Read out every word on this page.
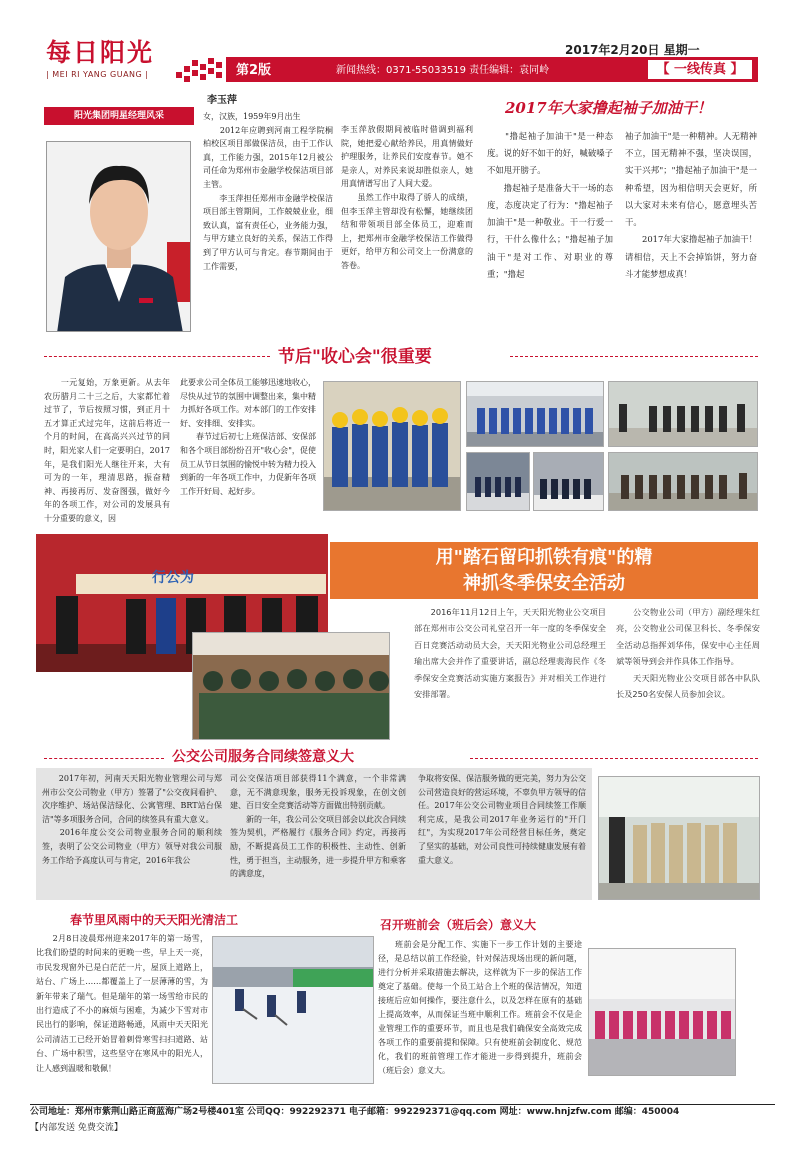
每日阳光
| MEI RI YANG GUANG |
2017年2月20日 星期一
第2版	新闻热线：0371-55033519 责任编辑：袁同岭	【 一线传真 】
阳光集团明星经理风采
李玉萍
女，汉族，1959年9月出生
　　2012年应聘到河南工程学院桐柏校区项目部做保洁员，由于工作认真，工作能力强，2015年12月被公司任命为郑州市金融学校保洁项目部主管。
　　李玉萍担任郑州市金融学校保洁项目部主管期间，工作兢兢业业，细致认真，富有责任心，业务能力强，与甲方建立良好的关系，保洁工作得到了甲方认可与肯定。春节期间由于工作需要，
李玉萍放假期间被临时借调到福利院，她把爱心献给养民，用真情做好护理服务，让养民们安度春节。她不是亲人，对养民来说却胜似亲人，她用真情谱写出了人间大爱。
　　虽然工作中取得了骄人的成绩，但李玉萍主管却没有松懈，她继续团结和带领项目部全体员工，迎难而上，把郑州市金融学校保洁工作做得更好，给甲方和公司交上一份满意的答卷。
2017年大家撸起袖子加油干！
　　"撸起袖子加油干"是一种态度。说的好不如干的好，喊破嗓子不如甩开膀子。
　　撸起袖子是准备大干一场的态度，态度决定了行为："撸起袖子加油干"是一种敬业。干一行爱一行，干什么像什么；"撸起袖子加油干"是对工作、对职业的尊重；"撸起
袖子加油干"是一种精神。人无精神不立，国无精神不强，坚决误国，实干兴邦"；"撸起袖子加油干"是一种希望，因为相信明天会更好，所以大家对未来有信心，愿意埋头苦干。
　　2017年大家撸起袖子加油干！请相信，天上不会掉馅饼，努力奋斗才能梦想成真！
节后"收心会"很重要
　　一元复始，万象更新。从去年农历腊月二十三之后，大家都忙着过节了，节后按照习惯，到正月十五才算正式过完年，这前后将近一个月的时间，在高高兴兴过节的同时，阳光家人们一定要明白，2017年，是我们阳光人继往开来，大有可为的一年，理清思路，振奋精神、再接再厉、发奋图强，做好今年的各项工作，对公司的发展具有十分重要的意义，因
此要求公司全体员工能够迅速地收心，尽快从过节的氛围中调整出来，集中精力抓好各项工作。对本部门的工作安排好、安排细、安排实。
　　春节过后初七上班保洁部、安保部和各个项目部纷纷召开"收心会"，促使员工从节日氛围的愉悦中转为精力投入到新的一年各项工作中，力促新年各项工作开好局、起好步。
行公为
用"踏石留印抓铁有痕"的精
神抓冬季保安全活动
　　2016年11月12日上午，天天阳光物业公交项目部在郑州市公交公司礼堂召开一年一度的冬季保安全百日竞赛活动动员大会，天天阳光物业公司总经理王瑜出席大会并作了重要讲话，副总经理裴海民作《冬季保安全竞赛活动实施方案报告》并对相关工作进行安排部署。
　　公交物业公司（甲方）副经理朱红亮，公交物业公司保卫科长、冬季保安全活动总指挥刘华伟，保安中心主任周斌等领导到会并作具体工作指导。
　　天天阳光物业公交项目部各中队队长及250名安保人员参加会议。
公交公司服务合同续签意义大
　　2017年初，河南天天阳光物业管理公司与郑州市公交公司物业（甲方）签署了"公交夜间看护、次序维护、场站保洁绿化、公寓管理、BRT站台保洁"等多项服务合同，合同的续签具有重大意义。
　　2016年度公交公司物业服务合同的顺利续签，表明了公交公司物业（甲方）领导对我公司服务工作给予高度认可与肯定，2016年我公
司公交保洁项目部获得11个满意，一个非常满意，无不满意现象，服务无投诉现象，在创文创建、百日安全竞赛活动等方面做出特别贡献。
　　新的一年，我公司公交项目部会以此次合同续签为契机，严格履行《服务合同》约定，再接再励，不断提高员工工作的积极性、主动性、创新性，勇于担当，主动服务，进一步提升甲方和乘客的满意度，
争取将安保、保洁服务做的更完美，努力为公交公司营造良好的营运环境，不辜负甲方领导的信任。2017年公交公司物业项目合同续签工作顺利完成，是我公司2017年业务运行的"开门红"，为实现2017年公司经营目标任务，奠定了坚实的基础，对公司良性可持续健康发展有着重大意义。
春节里风雨中的天天阳光清洁工
　　2月8日凌晨郑州迎来2017年的第一场雪，比我们盼望的时间来的更晚一些，早上天一亮，市民发现窗外已是白茫茫一片，屋顶上道路上，站台、广场上……都覆盖上了一层薄薄的雪，为新年带来了瑞气。但是瑞年的第一场雪给市民的出行造成了不小的麻烦与困难，为减少下雪对市民出行的影响，保证道路畅通，风雨中天天阳光公司清洁工已经开始冒着刺骨寒雪扫扫道路、站台、广场中积雪，这些坚守在寒风中的阳光人，让人感到温暖和敬佩！
召开班前会（班后会）意义大
　　班前会是分配工作、实施下一步工作计划的主要途径，是总结以前工作经验，针对保洁现场出现的新问题，进行分析并采取措施去解决，这样就为下一步的保洁工作奠定了基础。使每一个员工站合上个班的保洁情况，知道接班后应如何操作，要注意什么，以及怎样在原有的基础上提高效率，从而保证当班中顺利工作。班前会不仅是企业管理工作的重要环节，而且也是我们确保安全高效完成各项工作的重要前提和保障。只有使班前会制度化、规范化，我们的班前管理工作才能进一步得到提升，班前会（班后会）意义大。
公司地址：郑州市紫荆山路正商蓝海广场2号楼401室 公司QQ：992292371 电子邮箱：992292371@qq.com 网址：www.hnjzfw.com 邮编：450004
【内部发送 免费交流】
